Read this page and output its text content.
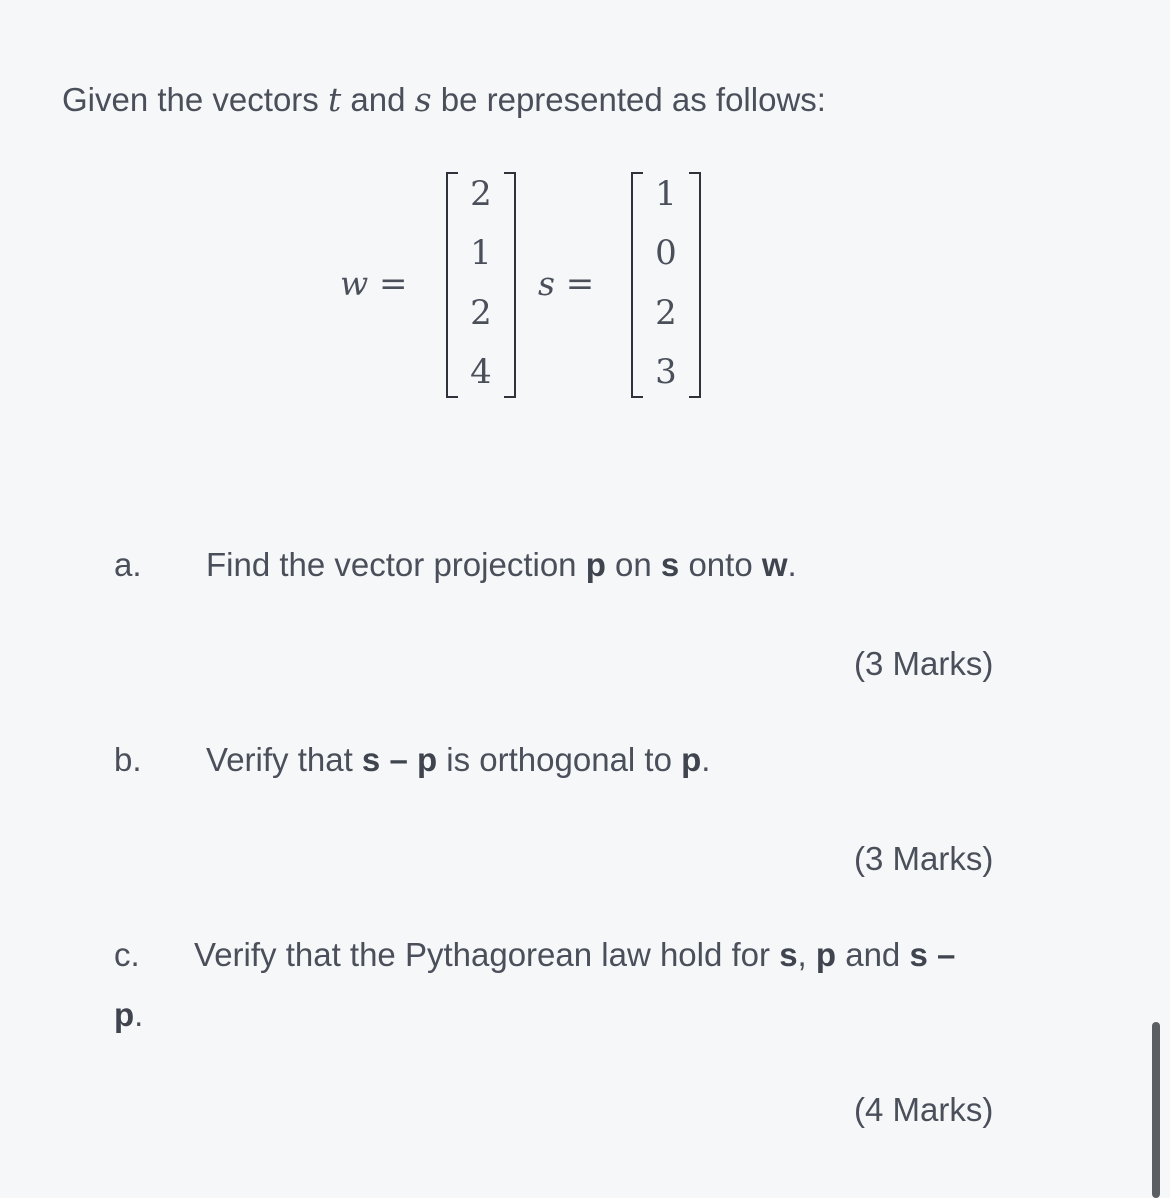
Given the vectors t and s be represented as follows:
w =
2
1
2
4
s =
1
0
2
3
a. Find the vector projection p on s onto w.
(3 Marks)
b. Verify that s – p is orthogonal to p.
(3 Marks)
c. Verify that the Pythagorean law hold for s, p and s –
p.
(4 Marks)
